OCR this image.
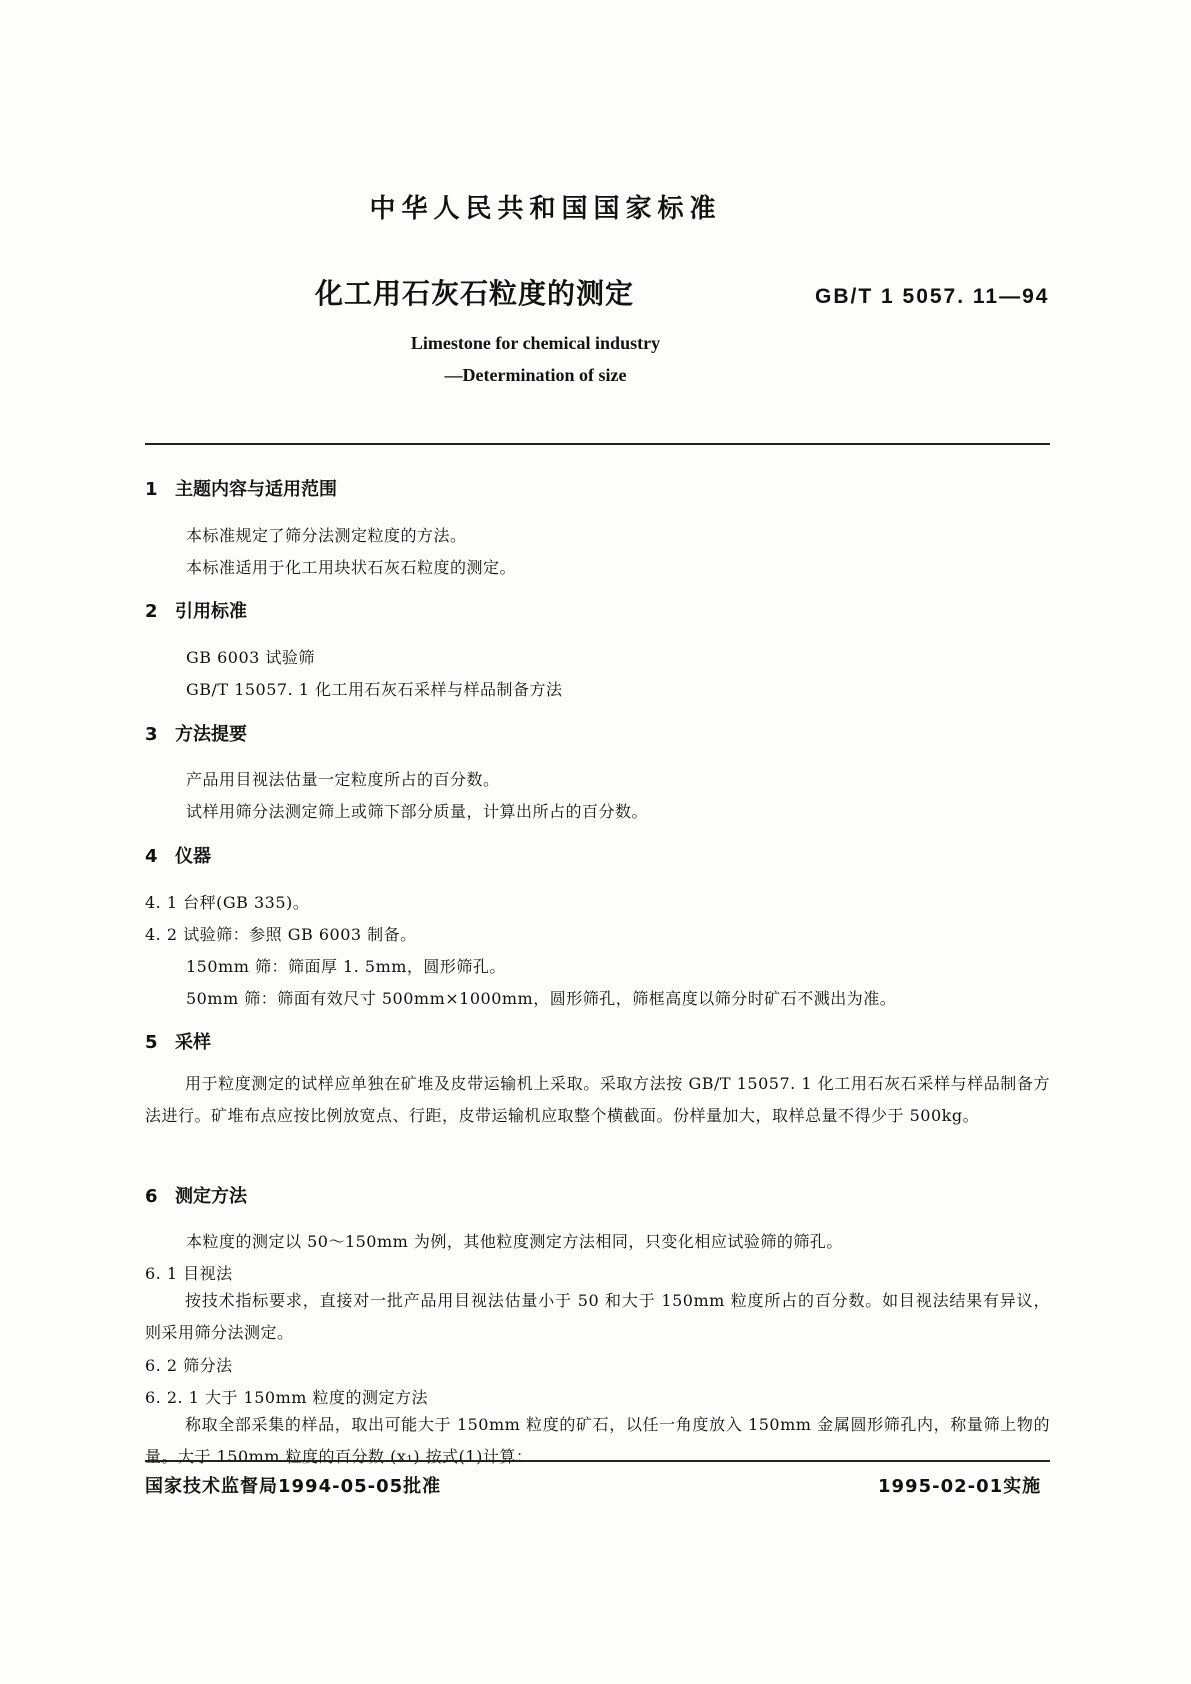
中华人民共和国国家标准
化工用石灰石粒度的测定	GB/T 1 5057. 11—94
Limestone for chemical industry
—Determination of size
1 主题内容与适用范围
本标准规定了筛分法测定粒度的方法。
本标准适用于化工用块状石灰石粒度的测定。
2 引用标准
GB 6003 试验筛
GB/T 15057. 1 化工用石灰石采样与样品制备方法
3 方法提要
产品用目视法估量一定粒度所占的百分数。
试样用筛分法测定筛上或筛下部分质量，计算出所占的百分数。
4 仪器
4. 1 台秤(GB 335)。
4. 2 试验筛：参照 GB 6003 制备。
150mm 筛：筛面厚 1. 5mm，圆形筛孔。
50mm 筛：筛面有效尺寸 500mm×1000mm，圆形筛孔，筛框高度以筛分时矿石不溅出为准。
5 采样
用于粒度测定的试样应单独在矿堆及皮带运输机上采取。采取方法按 GB/T 15057. 1 化工用石灰石采样与样品制备方法进行。矿堆布点应按比例放宽点、行距，皮带运输机应取整个横截面。份样量加大，取样总量不得少于 500kg。
6 测定方法
本粒度的测定以 50～150mm 为例，其他粒度测定方法相同，只变化相应试验筛的筛孔。
6. 1 目视法
按技术指标要求，直接对一批产品用目视法估量小于 50 和大于 150mm 粒度所占的百分数。如目视法结果有异议，则采用筛分法测定。
6. 2 筛分法
6. 2. 1 大于 150mm 粒度的测定方法
称取全部采集的样品，取出可能大于 150mm 粒度的矿石，以任一角度放入 150mm 金属圆形筛孔内，称量筛上物的量。大于 150mm 粒度的百分数 (x₁) 按式(1)计算：
国家技术监督局1994-05-05批准	1995-02-01实施
